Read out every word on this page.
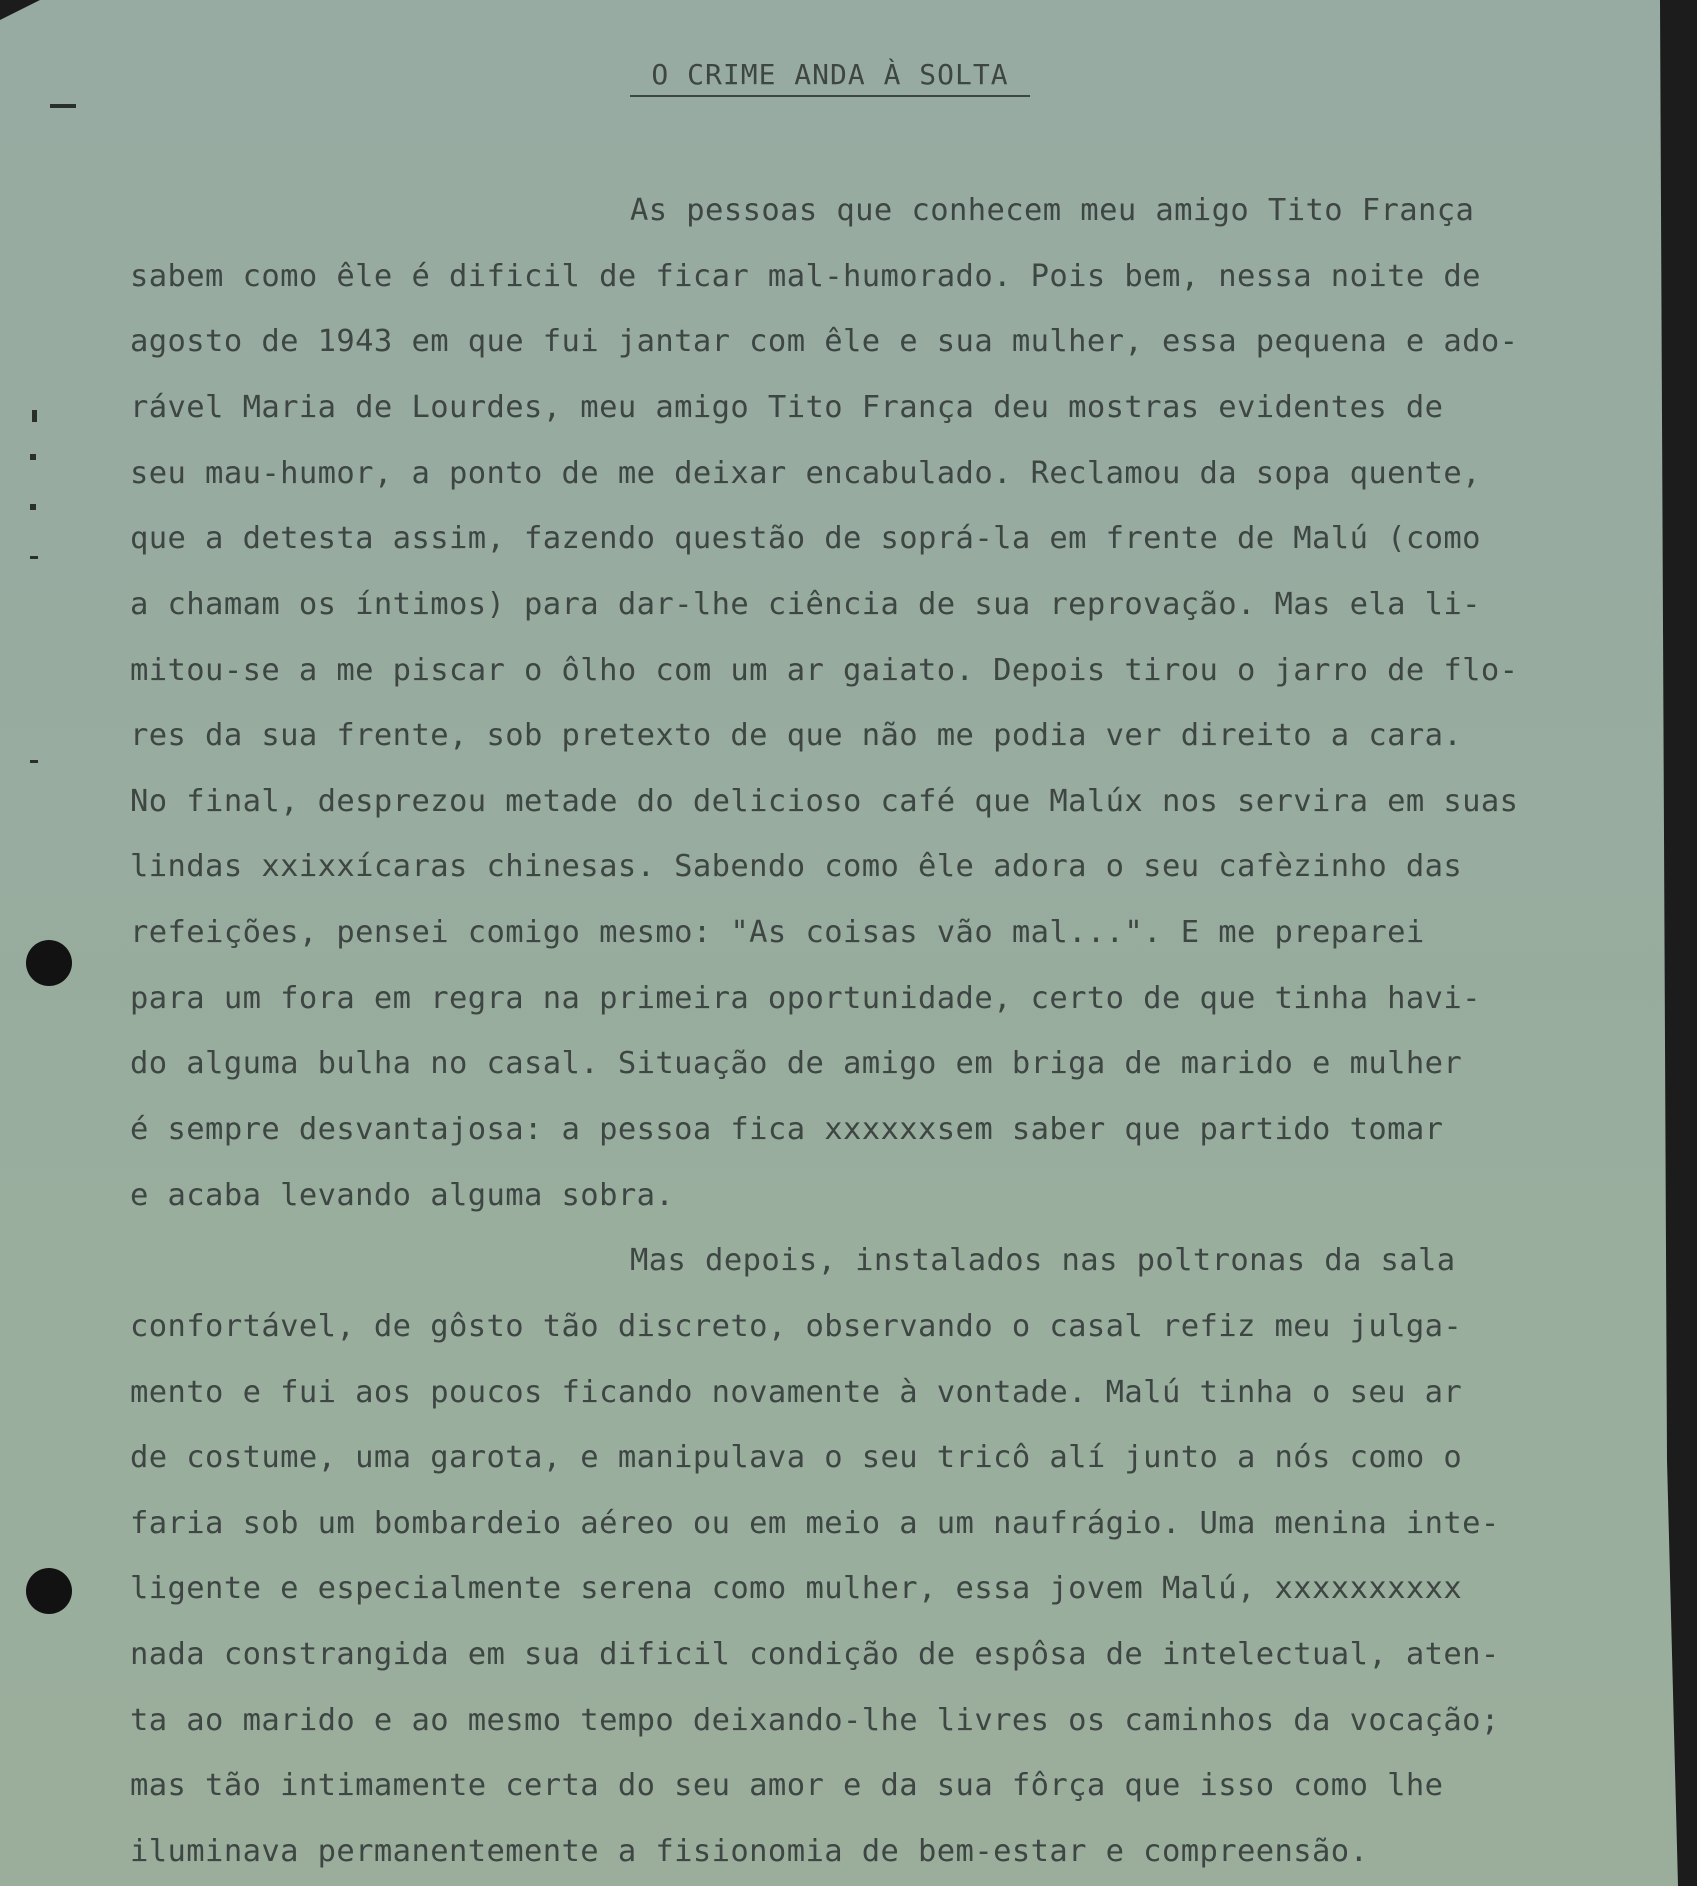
O CRIME ANDA À SOLTA
As pessoas que conhecem meu amigo Tito França
sabem como êle é dificil de ficar mal-humorado. Pois bem, nessa noite de
agosto de 1943 em que fui jantar com êle e sua mulher, essa pequena e ado-
rável Maria de Lourdes, meu amigo Tito França deu mostras evidentes de
seu mau-humor, a ponto de me deixar encabulado. Reclamou da sopa quente,
que a detesta assim, fazendo questão de soprá-la em frente de Malú (como
a chamam os íntimos) para dar-lhe ciência de sua reprovação. Mas ela li-
mitou-se a me piscar o ôlho com um ar gaiato. Depois tirou o jarro de flo-
res da sua frente, sob pretexto de que não me podia ver direito a cara.
No final, desprezou metade do delicioso café que Malúx nos servira em suas
lindas xxixxícaras chinesas. Sabendo como êle adora o seu cafèzinho das
refeições, pensei comigo mesmo: "As coisas vão mal...". E me preparei
para um fora em regra na primeira oportunidade, certo de que tinha havi-
do alguma bulha no casal. Situação de amigo em briga de marido e mulher
é sempre desvantajosa: a pessoa fica xxxxxxsem saber que partido tomar
e acaba levando alguma sobra.
Mas depois, instalados nas poltronas da sala
confortável, de gôsto tão discreto, observando o casal refiz meu julga-
mento e fui aos poucos ficando novamente à vontade. Malú tinha o seu ar
de costume, uma garota, e manipulava o seu tricô alí junto a nós como o
faria sob um bombardeio aéreo ou em meio a um naufrágio. Uma menina inte-
ligente e especialmente serena como mulher, essa jovem Malú, xxxxxxxxxx
nada constrangida em sua dificil condição de espôsa de intelectual, aten-
ta ao marido e ao mesmo tempo deixando-lhe livres os caminhos da vocação;
mas tão intimamente certa do seu amor e da sua fôrça que isso como lhe
iluminava permanentemente a fisionomia de bem-estar e compreensão.
